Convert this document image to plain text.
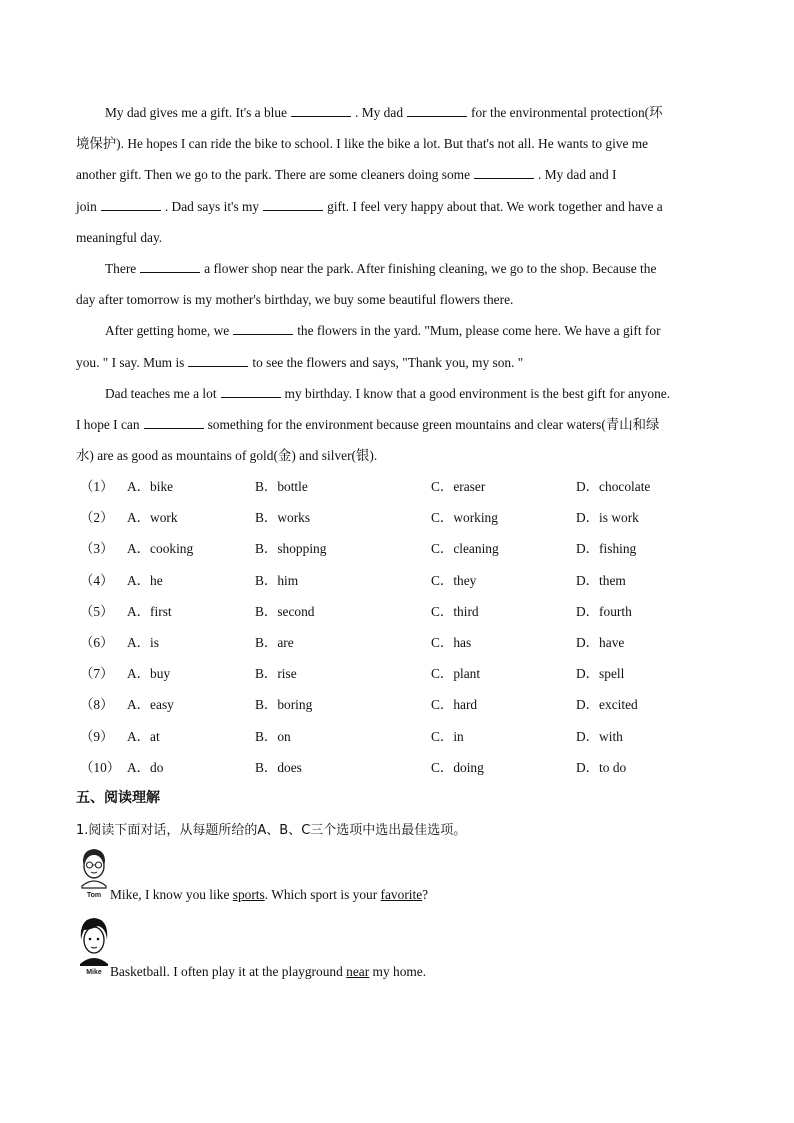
My dad gives me a gift. It's a blue	. My dad	for the environmental protection(环
境保护). He hopes I can ride the bike to school. I like the bike a lot. But that's not all. He wants to give me
another gift. Then we go to the park. There are some cleaners doing some	. My dad and I
join	. Dad says it's my	gift. I feel very happy about that. We work together and have a
meaningful day.
There	a flower shop near the park. After finishing cleaning, we go to the shop. Because the
day after tomorrow is my mother's birthday, we buy some beautiful flowers there.
After getting home, we	the flowers in the yard. "Mum, please come here. We have a gift for
you. " I say. Mum is	to see the flowers and says, "Thank you, my son. "
Dad teaches me a lot	my birthday. I know that a good environment is the best gift for anyone.
I hope I can	something for the environment because green mountains and clear waters(青山和绿
水) are as good as mountains of gold(金) and silver(银).
（1） A．bike	B．bottle	C．eraser	D．chocolate
（2） A．work	B．works	C．working	D．is work
（3） A．cooking	B．shopping	C．cleaning	D．fishing
（4） A．he	B．him	C．they	D．them
（5） A．first	B．second	C．third	D．fourth
（6） A．is	B．are	C．has	D．have
（7） A．buy	B．rise	C．plant	D．spell
（8） A．easy	B．boring	C．hard	D．excited
（9） A．at	B．on	C．in	D．with
（10） A．do	B．does	C．doing	D．to do
五、阅读理解
1.阅读下面对话，从每题所给的A、B、C三个选项中选出最佳选项。
Tom Mike, I know you like sports. Which sport is your favorite?
Mike Basketball. I often play it at the playground near my home.
